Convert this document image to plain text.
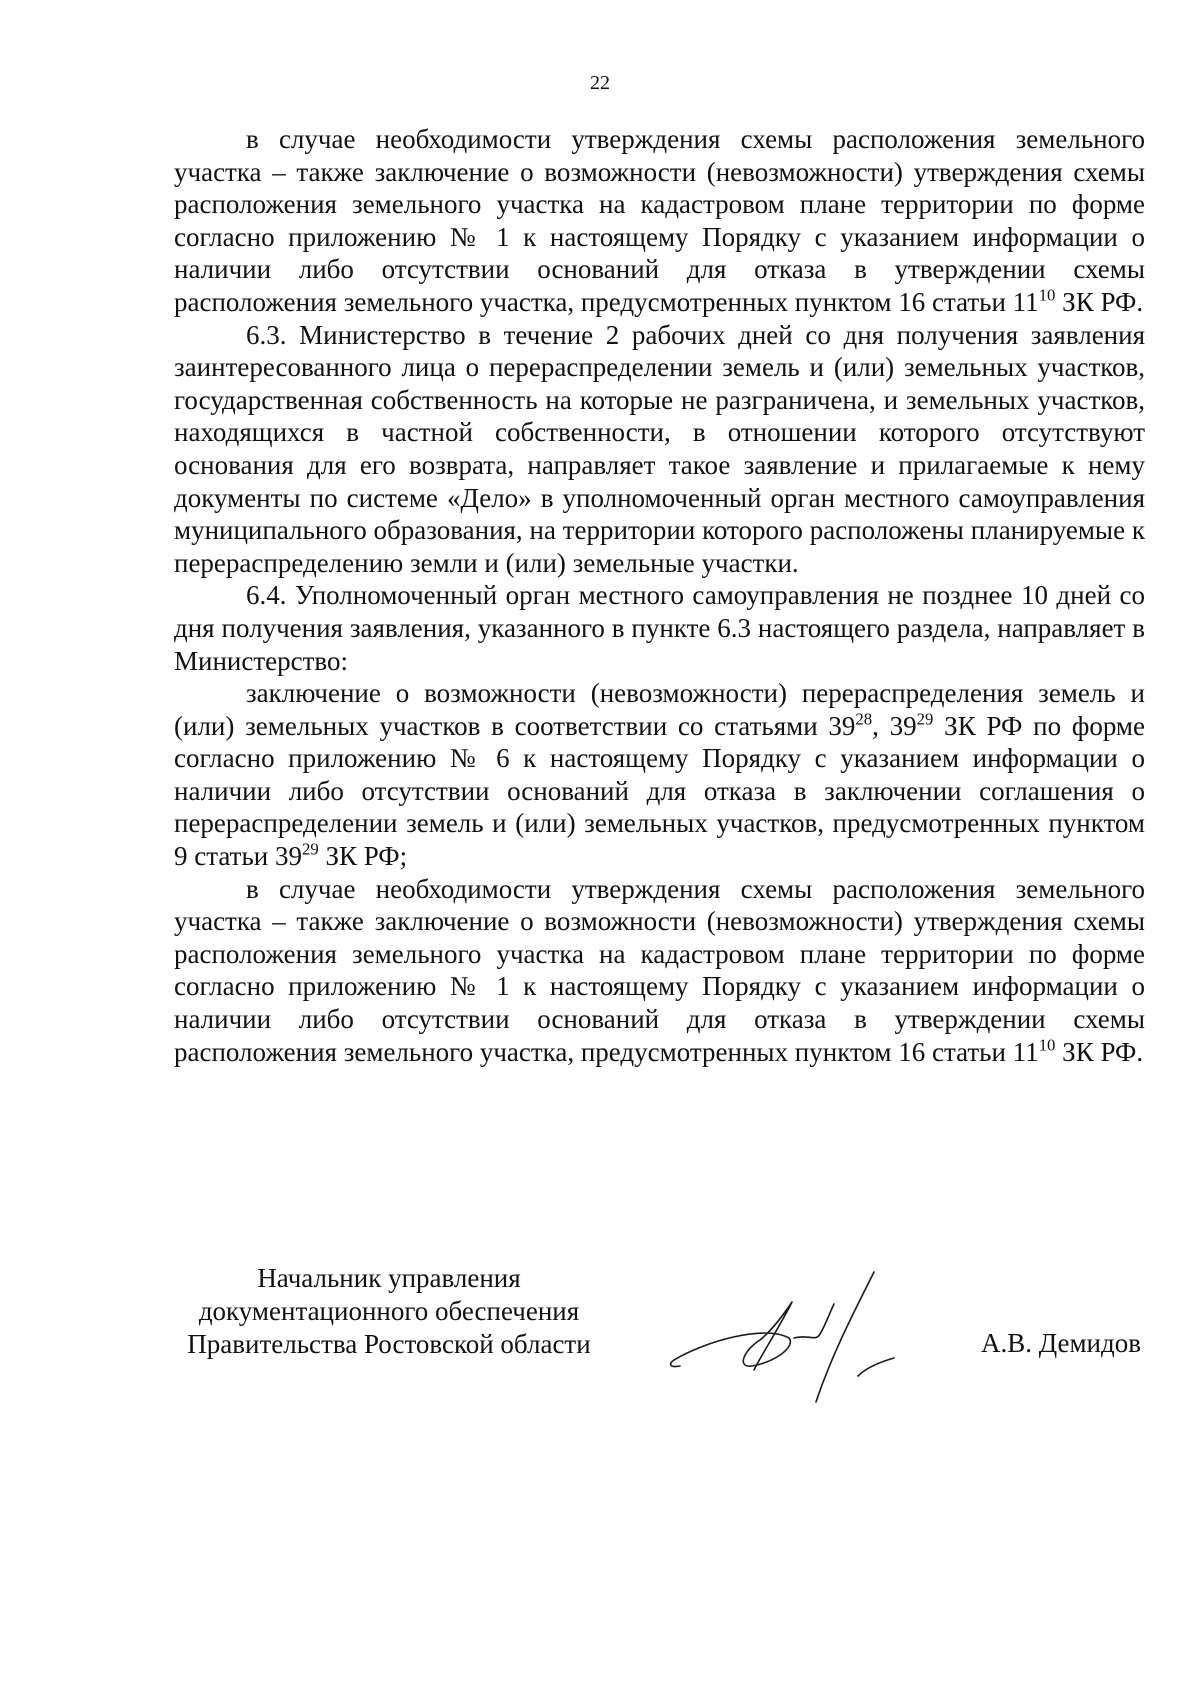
22

в случае необходимости утверждения схемы расположения земельного участка – также заключение о возможности (невозможности) утверждения схемы расположения земельного участка на кадастровом плане территории по форме согласно приложению № 1 к настоящему Порядку с указанием информации о наличии либо отсутствии оснований для отказа в утверждении схемы расположения земельного участка, предусмотренных пунктом 16 статьи $11^{10}$ ЗК РФ.

6.3. Министерство в течение 2 рабочих дней со дня получения заявления заинтересованного лица о перераспределении земель и (или) земельных участков, государственная собственность на которые не разграничена, и земельных участков, находящихся в частной собственности, в отношении которого отсутствуют основания для его возврата, направляет такое заявление и прилагаемые к нему документы по системе «Дело» в уполномоченный орган местного самоуправления муниципального образования, на территории которого расположены планируемые к перераспределению земли и (или) земельные участки.

6.4. Уполномоченный орган местного самоуправления не позднее 10 дней со дня получения заявления, указанного в пункте 6.3 настоящего раздела, направляет в Министерство:

заключение о возможности (невозможности) перераспределения земель и (или) земельных участков в соответствии со статьями $39^{28}$, $39^{29}$ ЗК РФ по форме согласно приложению № 6 к настоящему Порядку с указанием информации о наличии либо отсутствии оснований для отказа в заключении соглашения о перераспределении земель и (или) земельных участков, предусмотренных пунктом 9 статьи $39^{29}$ ЗК РФ;

в случае необходимости утверждения схемы расположения земельного участка – также заключение о возможности (невозможности) утверждения схемы расположения земельного участка на кадастровом плане территории по форме согласно приложению № 1 к настоящему Порядку с указанием информации о наличии либо отсутствии оснований для отказа в утверждении схемы расположения земельного участка, предусмотренных пунктом 16 статьи $11^{10}$ ЗК РФ.

Начальник управления
документационного обеспечения
Правительства Ростовской области	А.В. Демидов
